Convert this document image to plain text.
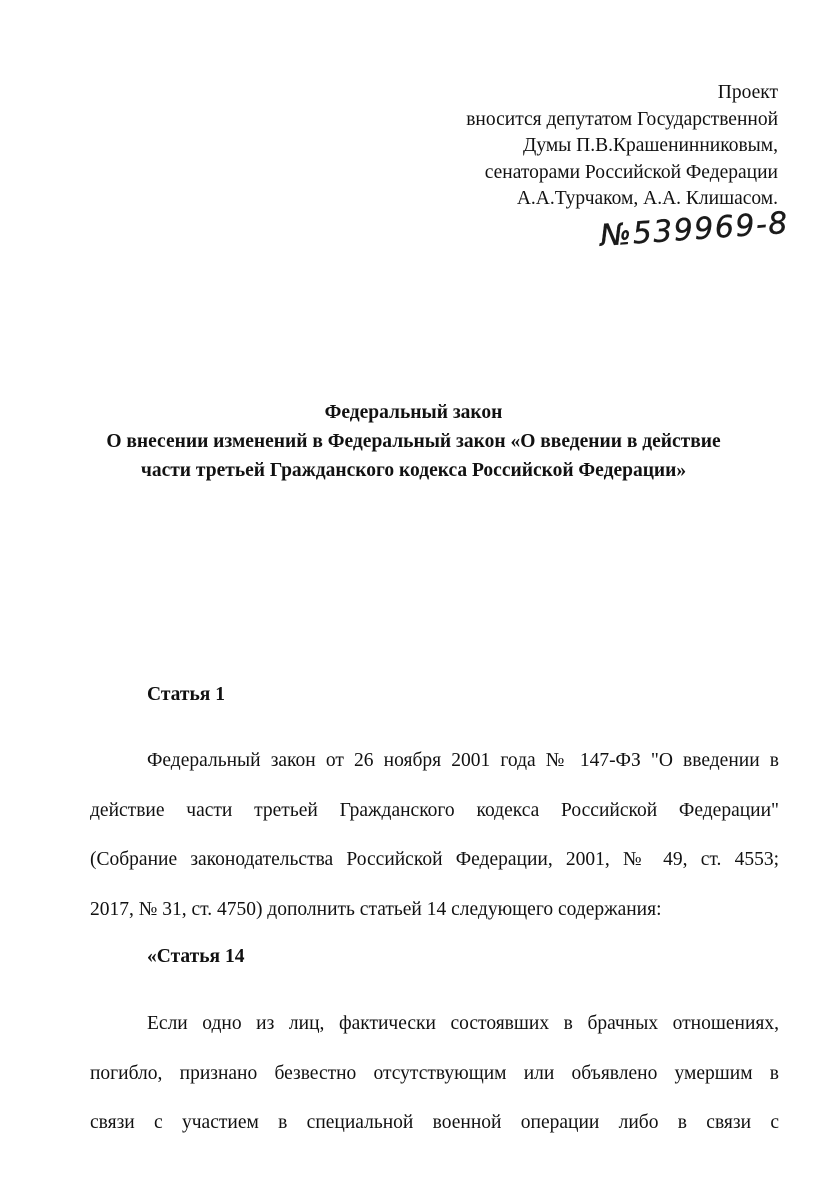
Проект
вносится депутатом Государственной
Думы П.В.Крашенинниковым,
сенаторами Российской Федерации
А.А.Турчаком, А.А. Клишасом.
№539969-8
Федеральный закон
О внесении изменений в Федеральный закон «О введении в действие
части третьей Гражданского кодекса Российской Федерации»
Статья 1
Федеральный закон от 26 ноября 2001 года № 147-ФЗ "О введении в
действие части третьей Гражданского кодекса Российской Федерации"
(Собрание законодательства Российской Федерации, 2001, № 49, ст. 4553;
2017, № 31, ст. 4750) дополнить статьей 14 следующего содержания:
«Статья 14
Если одно из лиц, фактически состоявших в брачных отношениях,
погибло, признано безвестно отсутствующим или объявлено умершим в
связи с участием в специальной военной операции либо в связи с
